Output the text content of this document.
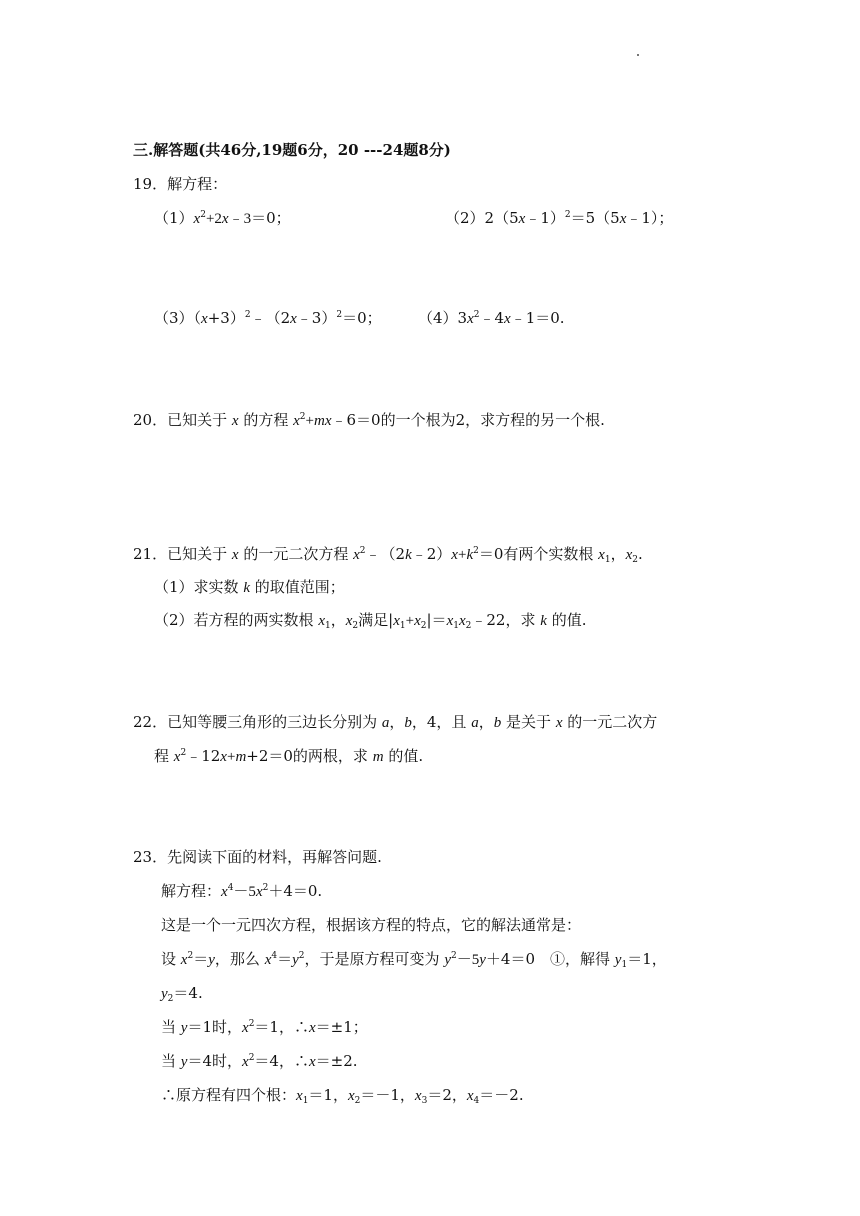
三.解答题(共46分,19题6分，20 ---24题8分)
19．解方程：
$(1)x^2+2x﹣3=0$；	（2）2（5x﹣1）$^2$＝5（5x﹣1）；
$(3)(x+3)^2﹣(2x﹣3)^2=0$； $(4)3x^2﹣4x﹣1=0$.
20．已知关于 x 的方程 $x^2+mx﹣6=0$的一个根为2，求方程的另一个根.
21．已知关于 x 的一元二次方程 $x^2﹣(2k﹣2)x+k^2=0$有两个实数根 $x_1$，$x_2$.
（1）求实数 k 的取值范围；
（2）若方程的两实数根 $x_1$，$x_2$满足$|x_1+x_2|=x_1x_2﹣22$，求 k 的值.
22．已知等腰三角形的三边长分别为 a，b，4，且 a，b 是关于 x 的一元二次方
程 $x^2﹣12x+m+2=0$的两根，求 m 的值.
23．先阅读下面的材料，再解答问题.
解方程：$x^4-5x^2+4=0$.
这是一个一元四次方程，根据该方程的特点，它的解法通常是：
设 $x^2=y$，那么 $x^4=y^2$，于是原方程可变为 $y^2-5y+4=0$　①，解得 $y_1=1$，
$y_2=4$.
当 y＝1时，$x^2=1$，∴x＝±1；
当 y＝4时，$x^2=4$，∴x＝±2.
∴原方程有四个根：$x_1=1$，$x_2=-1$，$x_3=2$，$x_4=-2$.
